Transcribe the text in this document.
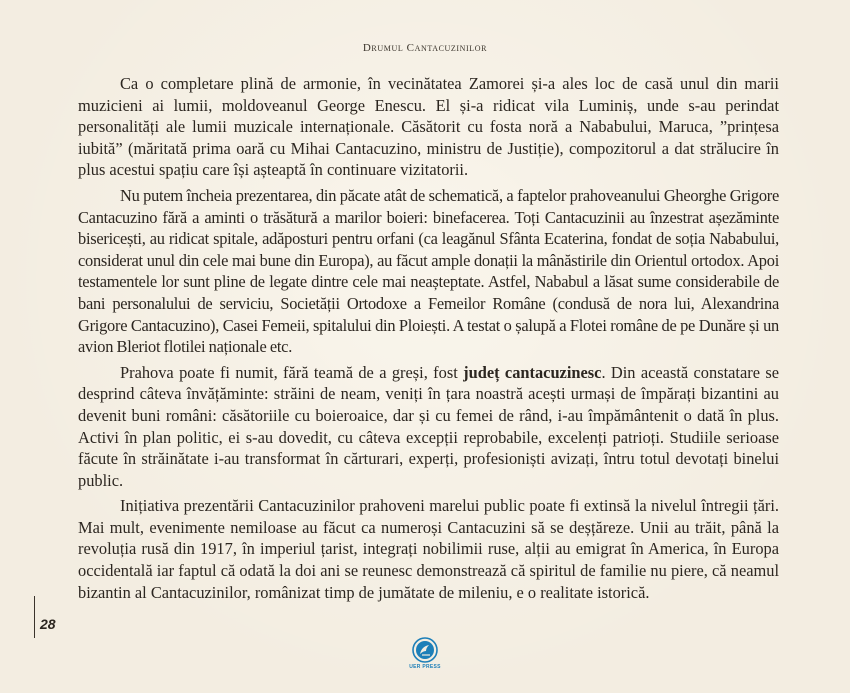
Drumul Cantacuzinilor

Ca o completare plină de armonie, în vecinătatea Zamorei și-a ales loc de casă unul din marii muzicieni ai lumii, moldoveanul George Enescu. El și-a ridicat vila Luminiș, unde s-au perindat personalități ale lumii muzicale internaționale. Căsătorit cu fosta noră a Nababului, Maruca, ”prințesa iubită” (măritată prima oară cu Mihai Cantacuzino, ministru de Justiție), compozitorul a dat strălucire în plus acestui spațiu care își așteaptă în continuare vizitatorii.

Nu putem încheia prezentarea, din păcate atât de schematică, a faptelor prahoveanului Gheorghe Grigore Cantacuzino fără a aminti o trăsătură a marilor boieri: binefacerea. Toți Cantacuzinii au înzestrat așezăminte bisericești, au ridicat spitale, adăposturi pentru orfani (ca leagănul Sfânta Ecaterina, fondat de soția Nababului, considerat unul din cele mai bune din Europa), au făcut ample donații la mânăstirile din Orientul ortodox. Apoi testamentele lor sunt pline de legate dintre cele mai neașteptate. Astfel, Nababul a lăsat sume considerabile de bani personalului de serviciu, Societății Ortodoxe a Femeilor Române (condusă de nora lui, Alexandrina Grigore Cantacuzino), Casei Femeii, spitalului din Ploiești. A testat o șalupă a Flotei române de pe Dunăre și un avion Bleriot flotilei naționale etc.

Prahova poate fi numit, fără teamă de a greși, fost județ cantacuzinesc. Din această constatare se desprind câteva învățăminte: străini de neam, veniți în țara noastră acești urmași de împărați bizantini au devenit buni români: căsătoriile cu boieroaice, dar și cu femei de rând, i-au împământenit o dată în plus. Activi în plan politic, ei s-au dovedit, cu câteva excepții reprobabile, excelenți patrioți. Studiile serioase făcute în străinătate i-au transformat în cărturari, experți, profesioniști avizați, întru totul devotați binelui public.

Inițiativa prezentării Cantacuzinilor prahoveni marelui public poate fi extinsă la nivelul întregii țări. Mai mult, evenimente nemiloase au făcut ca numeroși Cantacuzini să se deșțăreze. Unii au trăit, până la revoluția rusă din 1917, în imperiul țarist, integrați nobilimii ruse, alții au emigrat în America, în Europa occidentală iar faptul că odată la doi ani se reunesc demonstrează că spiritul de familie nu piere, că neamul bizantin al Cantacuzinilor, românizat timp de jumătate de mileniu, e o realitate istorică.

28
UER PRESS
